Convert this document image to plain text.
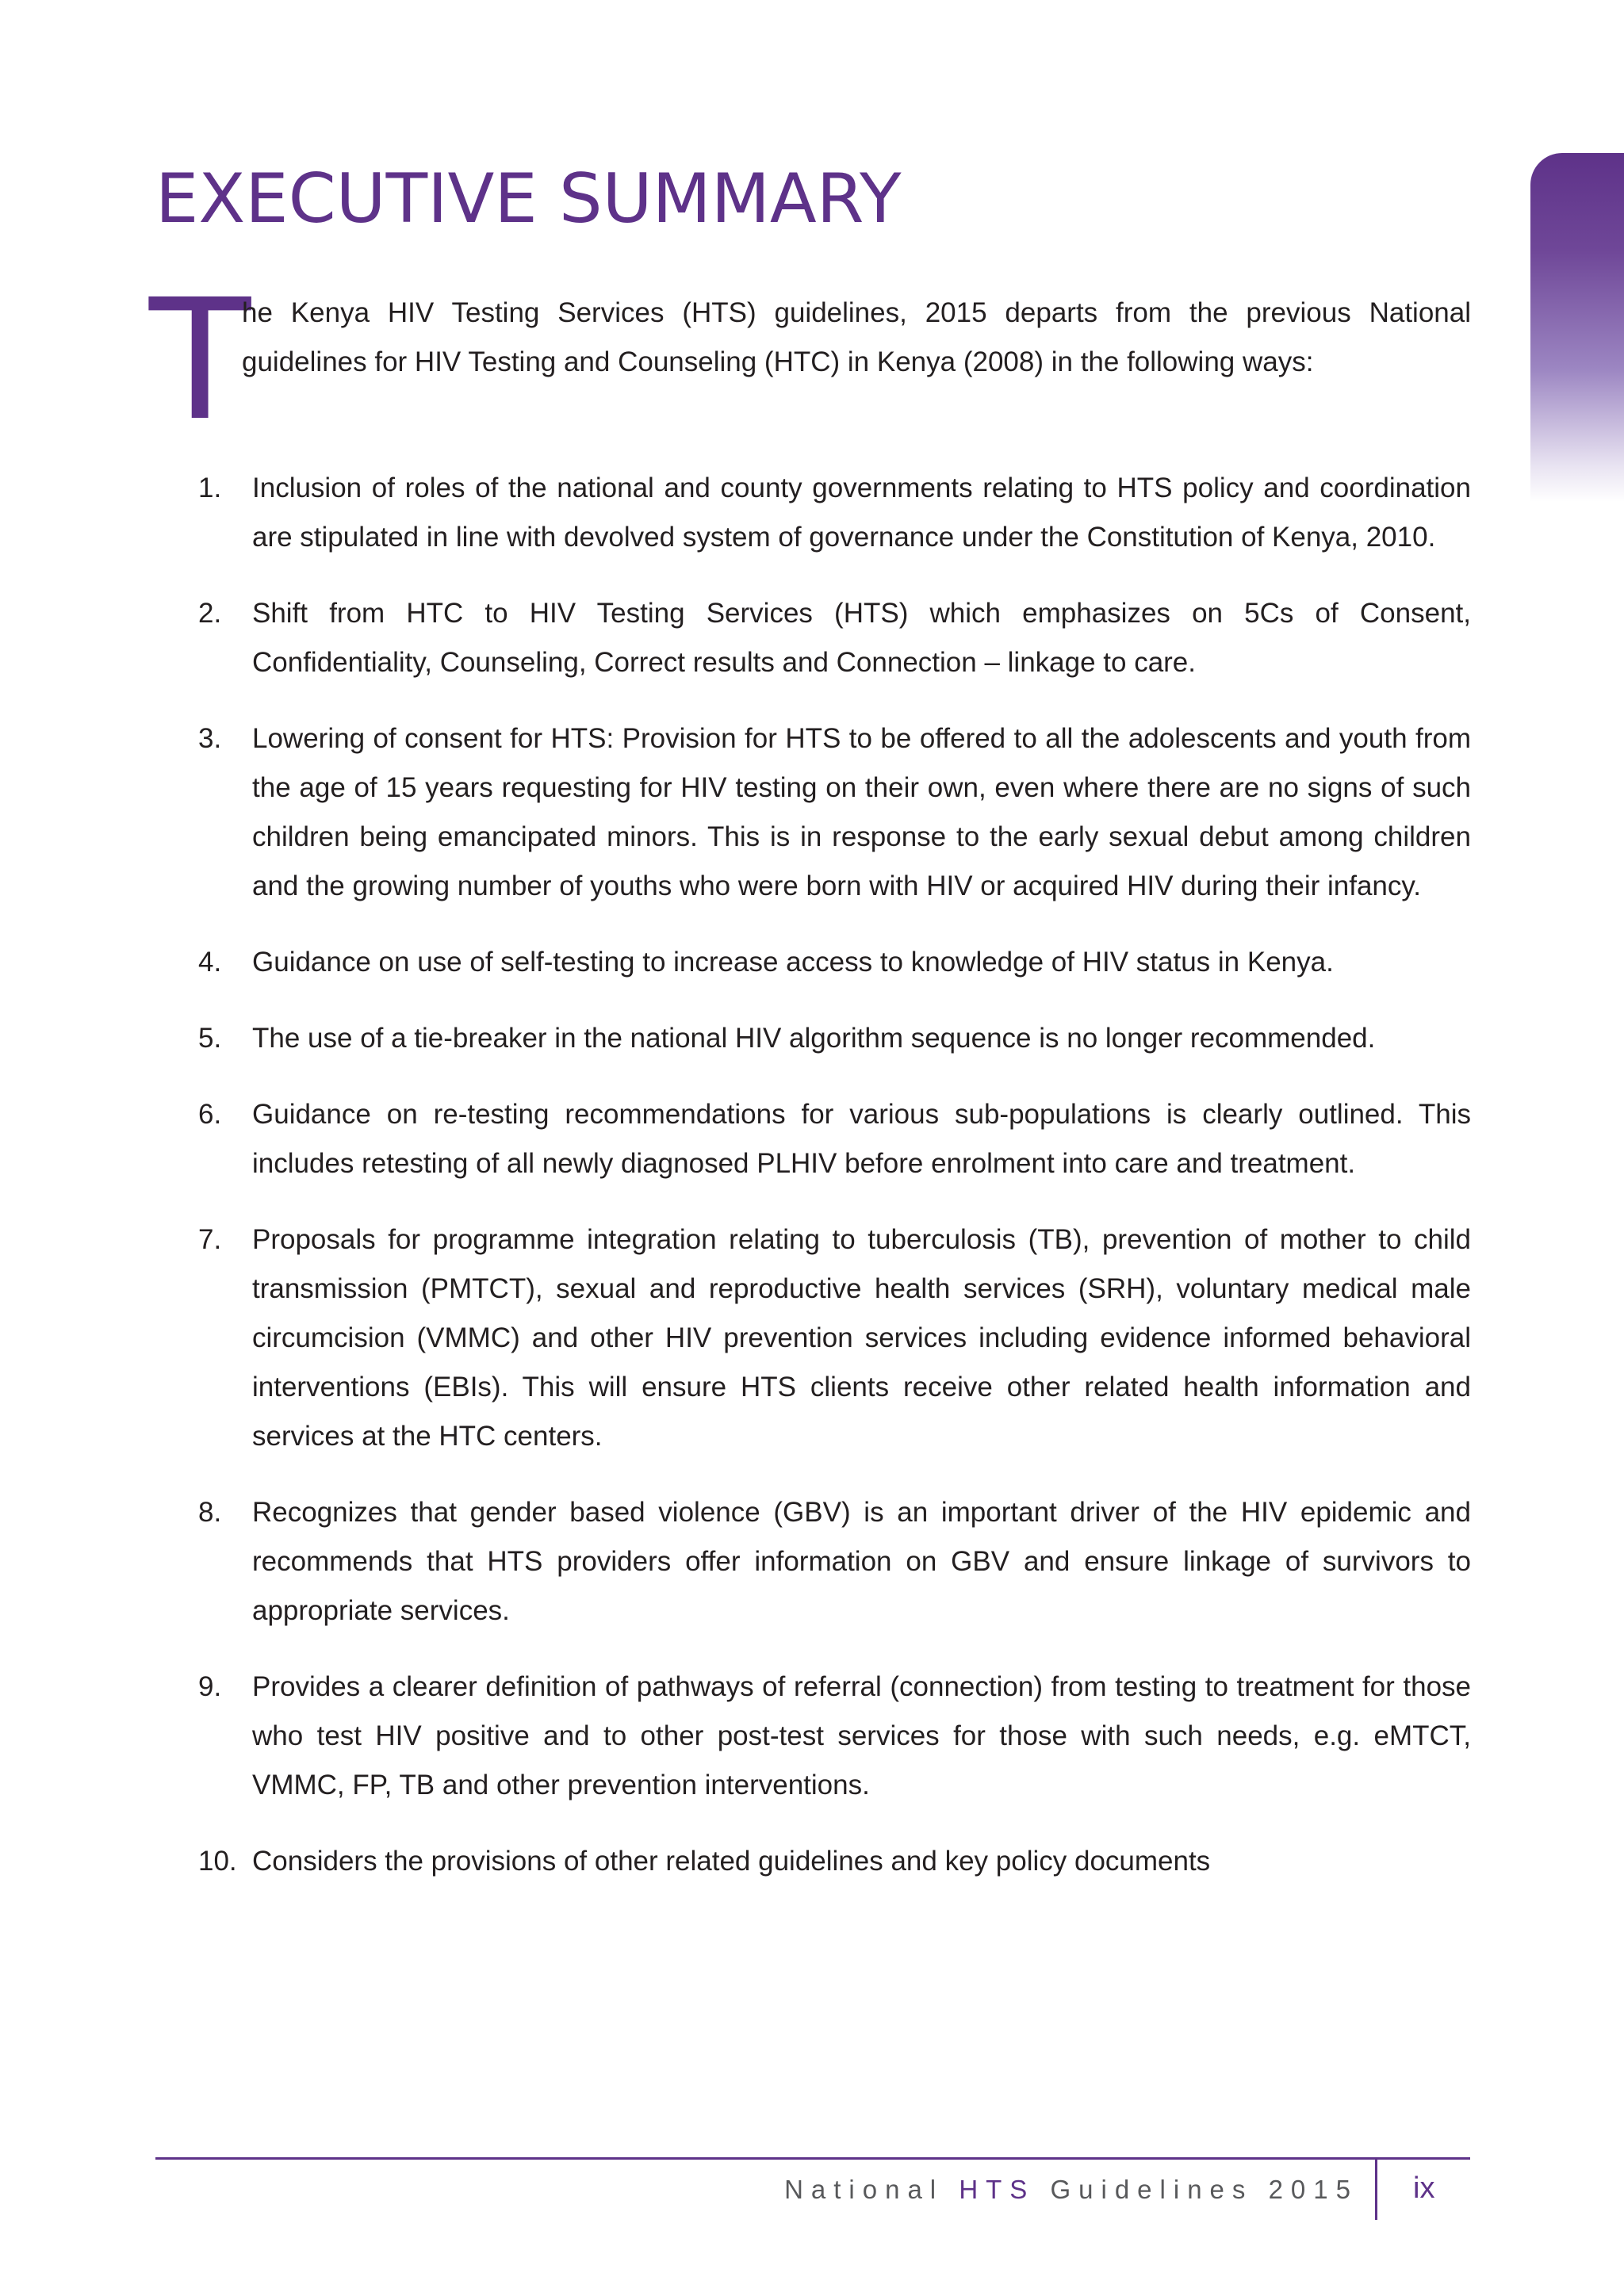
EXECUTIVE SUMMARY
T

he Kenya HIV Testing Services (HTS) guidelines, 2015 departs from the previous National guidelines for HIV Testing and Counseling (HTC) in Kenya (2008) in the following ways:

1.	Inclusion of roles of the national and county governments relating to HTS policy and coordination are stipulated in line with devolved system of governance under the Constitution of Kenya, 2010.
2.	Shift from HTC to HIV Testing Services (HTS) which emphasizes on 5Cs of Consent, Confidentiality, Counseling, Correct results and Connection – linkage to care.
3.	Lowering of consent for HTS: Provision for HTS to be offered to all the adolescents and youth from the age of 15 years requesting for HIV testing on their own, even where there are no signs of such children being emancipated minors. This is in response to the early sexual debut among children and the growing number of youths who were born with HIV or acquired HIV during their infancy.
4.	Guidance on use of self-testing to increase access to knowledge of HIV status in Kenya.
5.	The use of a tie-breaker in the national HIV algorithm sequence is no longer recommended.
6.	Guidance on re-testing recommendations for various sub-populations is clearly outlined. This includes retesting of all newly diagnosed PLHIV before enrolment into care and treatment.
7.	Proposals for programme integration relating to tuberculosis (TB), prevention of mother to child transmission (PMTCT), sexual and reproductive health services (SRH), voluntary medical male circumcision (VMMC) and other HIV prevention services including evidence informed behavioral interventions (EBIs). This will ensure HTS clients receive other related health information and services at the HTC centers.
8.	Recognizes that gender based violence (GBV) is an important driver of the HIV epidemic and recommends that HTS providers offer information on GBV and ensure linkage of survivors to appropriate services.
9.	Provides a clearer definition of pathways of referral (connection) from testing to treatment for those who test HIV positive and to other post-test services for those with such needs, e.g. eMTCT, VMMC, FP, TB and other prevention interventions.
10. Considers the provisions of other related guidelines and key policy documents
National HTS Guidelines 2015 ix
